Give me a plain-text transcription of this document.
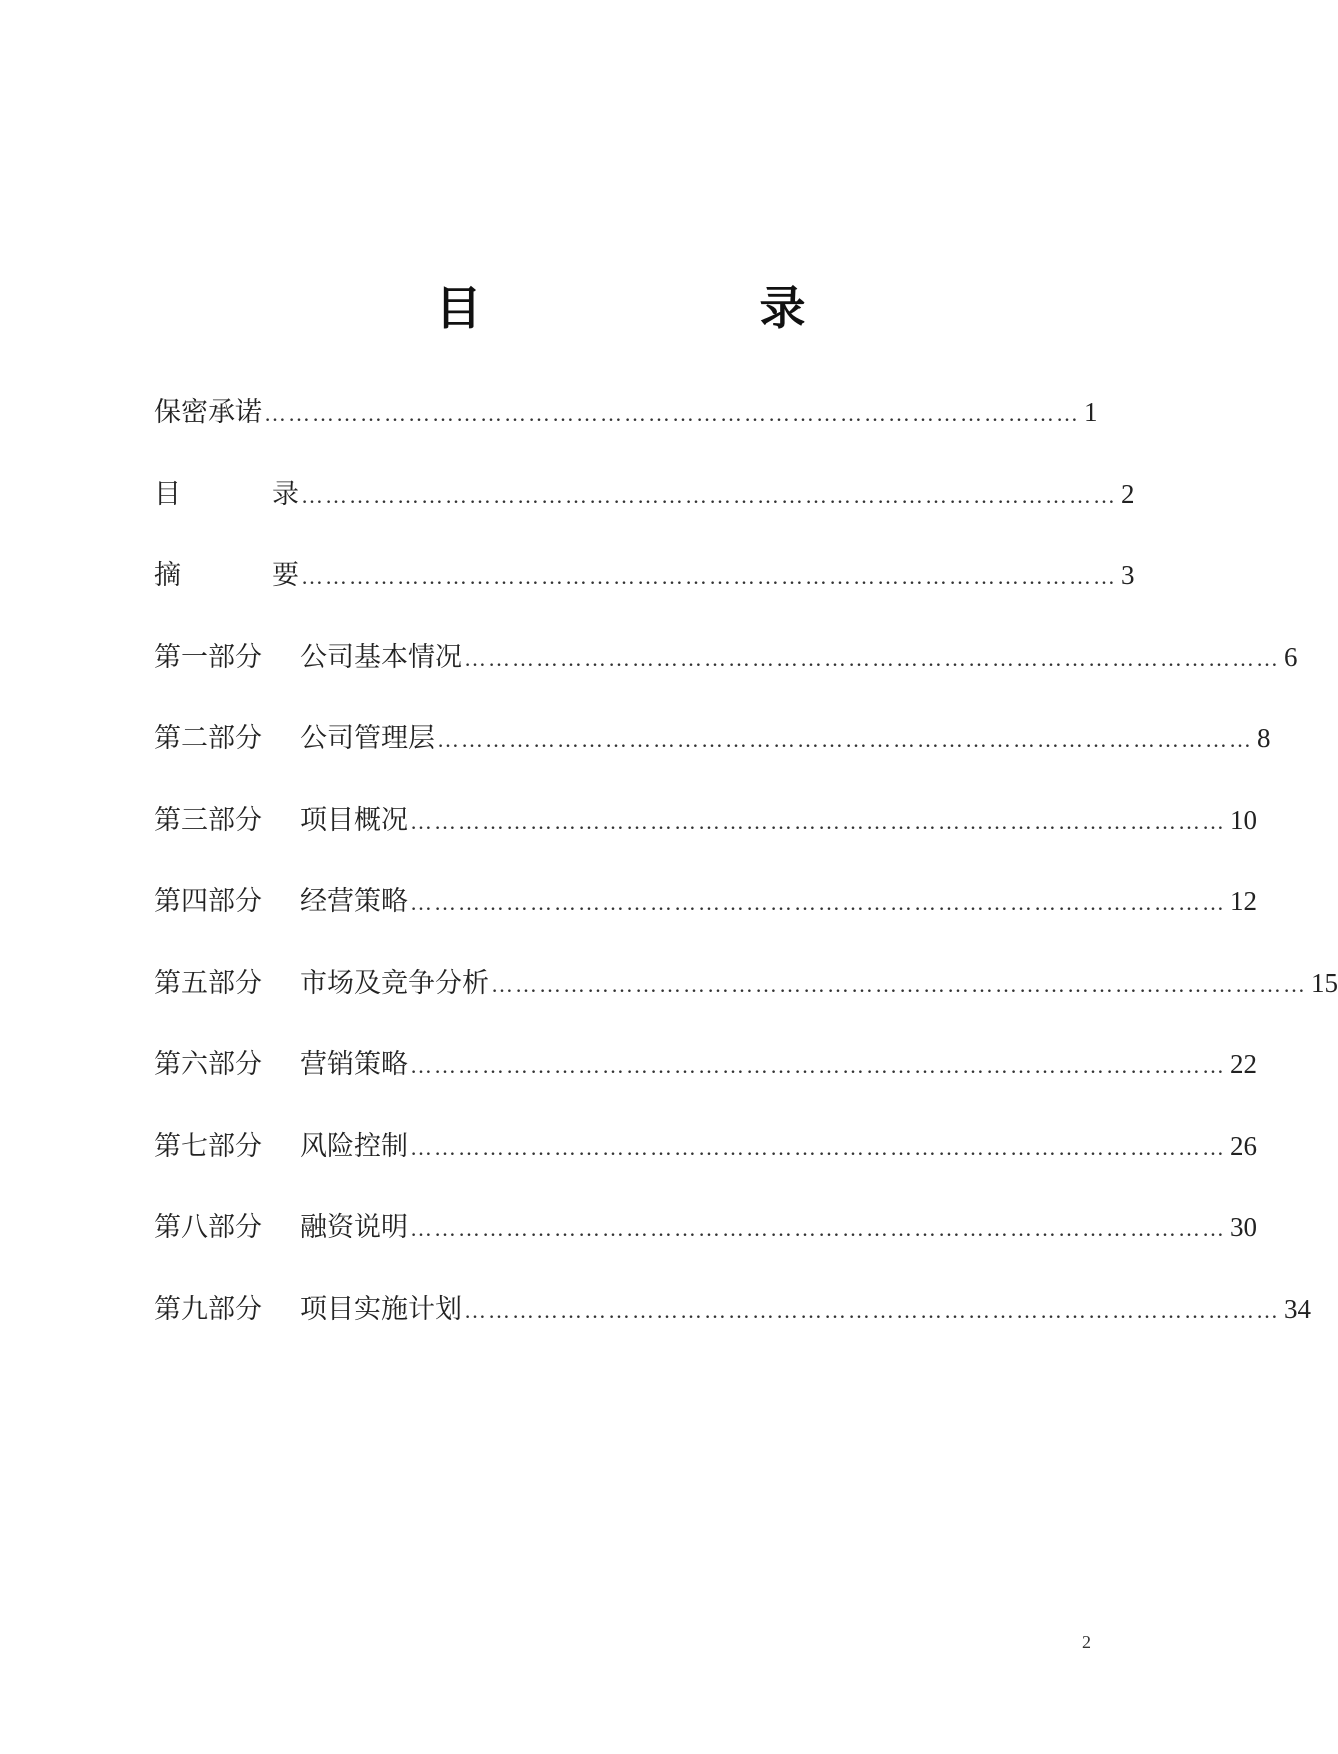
目　　录
保密承诺 ………………………………………………………………………………………… 1
目	录 ………………………………………………………………………………………… 2
摘	要 ………………………………………………………………………………………… 3
第一部分	公司基本情况 ………………………………………………………………………………………… 6
第二部分	公司管理层 ………………………………………………………………………………………… 8
第三部分	项目概况 ………………………………………………………………………………………… 10
第四部分	经营策略 ………………………………………………………………………………………… 12
第五部分	市场及竞争分析 ………………………………………………………………………………………… 15
第六部分	营销策略 ………………………………………………………………………………………… 22
第七部分	风险控制 ………………………………………………………………………………………… 26
第八部分	融资说明 ………………………………………………………………………………………… 30
第九部分	项目实施计划 ………………………………………………………………………………………… 34
2
